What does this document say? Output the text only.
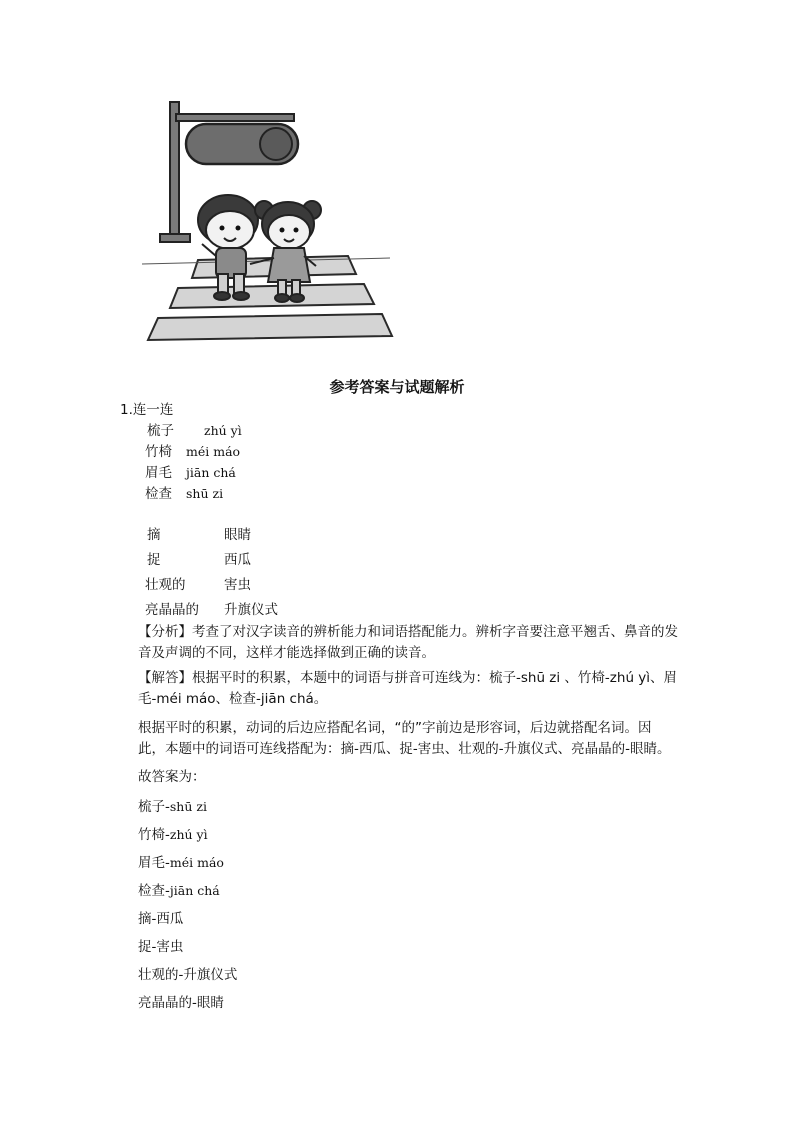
参考答案与试题解析
1.连一连
梳子 zhú yì
竹椅 méi máo
眉毛 jiān chá
检查 shū zi
摘	眼睛
捉	西瓜
壮观的	害虫
亮晶晶的 升旗仪式
【分析】考查了对汉字读音的辨析能力和词语搭配能力。辨析字音要注意平翘舌、鼻音的发音及声调的不同，这样才能选择做到正确的读音。
【解答】根据平时的积累，本题中的词语与拼音可连线为：梳子-shū zi 、竹椅-zhú yì、眉毛-méi máo、检查-jiān chá。
根据平时的积累，动词的后边应搭配名词，“的”字前边是形容词，后边就搭配名词。因此，本题中的词语可连线搭配为：摘-西瓜、捉-害虫、壮观的-升旗仪式、亮晶晶的-眼睛。
故答案为：
梳子-shū zi
竹椅-zhú yì
眉毛-méi máo
检查-jiān chá
摘-西瓜
捉-害虫
壮观的-升旗仪式
亮晶晶的-眼睛
